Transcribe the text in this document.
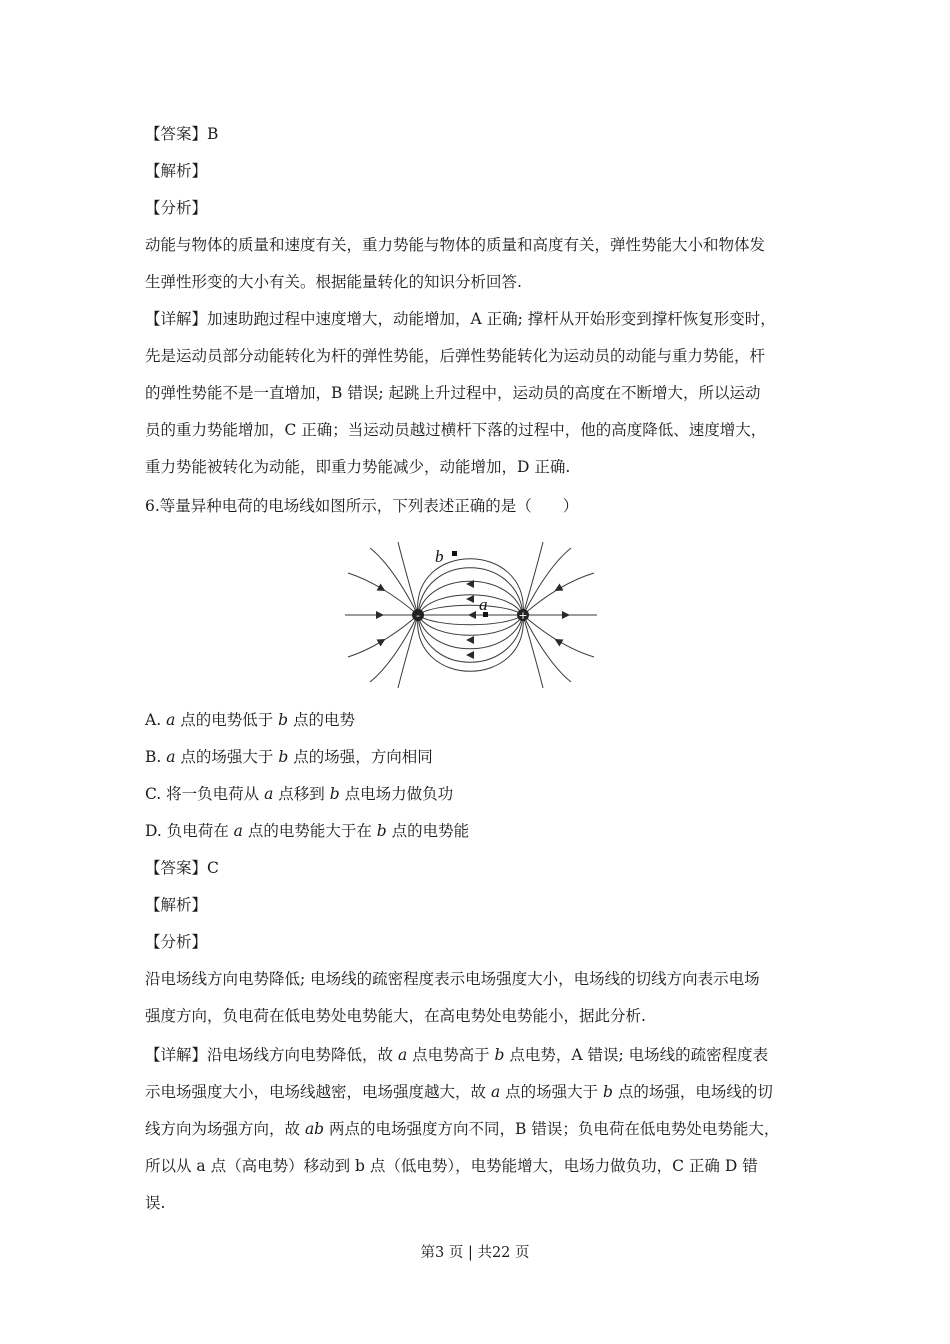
【答案】B
【解析】
【分析】
动能与物体的质量和速度有关，重力势能与物体的质量和高度有关，弹性势能大小和物体发
生弹性形变的大小有关。根据能量转化的知识分析回答.
【详解】加速助跑过程中速度增大，动能增加，A 正确; 撑杆从开始形变到撑杆恢复形变时，
先是运动员部分动能转化为杆的弹性势能，后弹性势能转化为运动员的动能与重力势能，杆
的弹性势能不是一直增加，B 错误; 起跳上升过程中，运动员的高度在不断增大，所以运动
员的重力势能增加，C 正确；当运动员越过横杆下落的过程中，他的高度降低、速度增大，
重力势能被转化为动能，即重力势能减少，动能增加，D 正确.
6.等量异种电荷的电场线如图所示，下列表述正确的是（　　）
-	+
b
a
A. a 点的电势低于 b 点的电势
B. a 点的场强大于 b 点的场强，方向相同
C. 将一负电荷从 a 点移到 b 点电场力做负功
D. 负电荷在 a 点的电势能大于在 b 点的电势能
【答案】C
【解析】
【分析】
沿电场线方向电势降低; 电场线的疏密程度表示电场强度大小，电场线的切线方向表示电场
强度方向，负电荷在低电势处电势能大，在高电势处电势能小，据此分析.
【详解】沿电场线方向电势降低，故 a 点电势高于 b 点电势，A 错误; 电场线的疏密程度表
示电场强度大小，电场线越密，电场强度越大，故 a 点的场强大于 b 点的场强，电场线的切
线方向为场强方向，故 ab 两点的电场强度方向不同，B 错误；负电荷在低电势处电势能大，
所以从 a 点（高电势）移动到 b 点（低电势），电势能增大，电场力做负功，C 正确 D 错
误.
第3 页 | 共22 页
